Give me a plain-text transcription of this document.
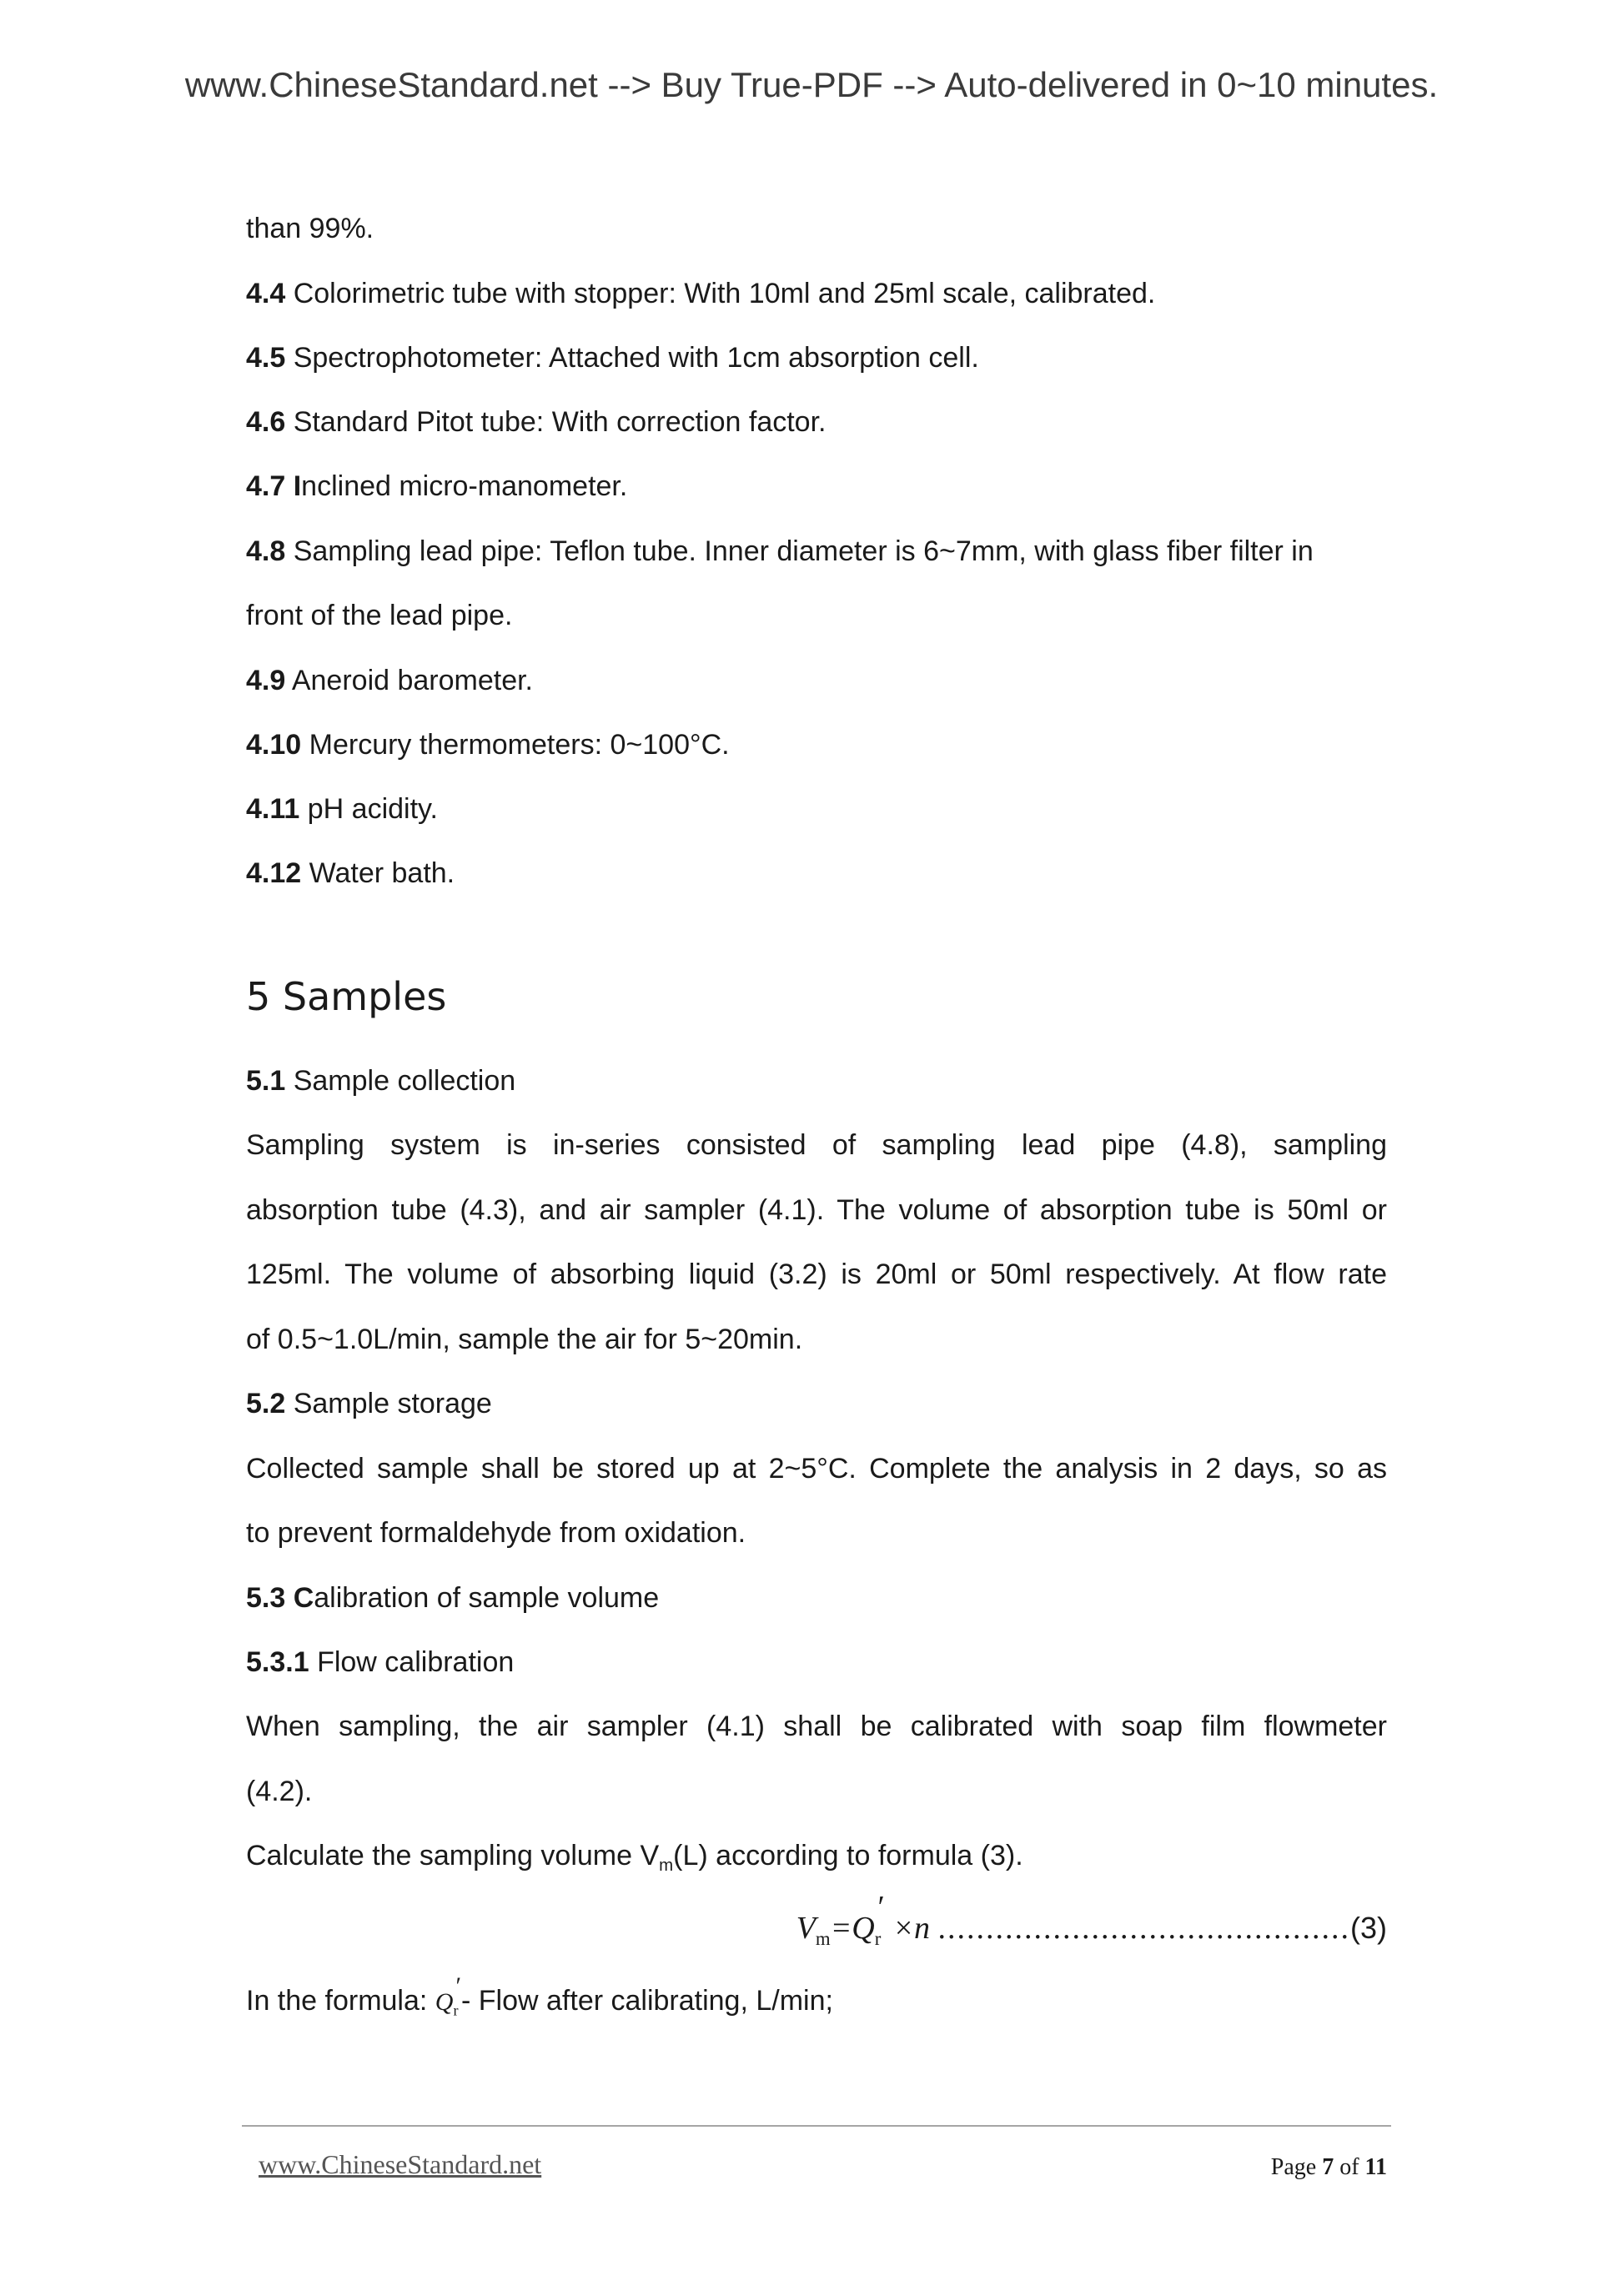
www.ChineseStandard.net --> Buy True-PDF --> Auto-delivered in 0~10 minutes.
than 99%.
4.4 Colorimetric tube with stopper: With 10ml and 25ml scale, calibrated.
4.5 Spectrophotometer: Attached with 1cm absorption cell.
4.6 Standard Pitot tube: With correction factor.
4.7 Inclined micro-manometer.
4.8 Sampling lead pipe: Teflon tube. Inner diameter is 6~7mm, with glass fiber filter in
front of the lead pipe.
4.9 Aneroid barometer.
4.10 Mercury thermometers: 0~100°C.
4.11 pH acidity.
4.12 Water bath.
5 Samples
5.1 Sample collection
Sampling system is in-series consisted of sampling lead pipe (4.8), sampling
absorption tube (4.3), and air sampler (4.1). The volume of absorption tube is 50ml or
125ml. The volume of absorbing liquid (3.2) is 20ml or 50ml respectively. At flow rate
of 0.5~1.0L/min, sample the air for 5~20min.
5.2 Sample storage
Collected sample shall be stored up at 2~5°C. Complete the analysis in 2 days, so as
to prevent formaldehyde from oxidation.
5.3 Calibration of sample volume
5.3.1 Flow calibration
When sampling, the air sampler (4.1) shall be calibrated with soap film flowmeter
(4.2).
Calculate the sampling volume $V_m(L)$ according to formula (3).
$V_m=Q_r' \times n$ ...........................................(3)
In the formula: $Q_r'-$ Flow after calibrating, L/min;
www.ChineseStandard.net	Page 7 of 11
